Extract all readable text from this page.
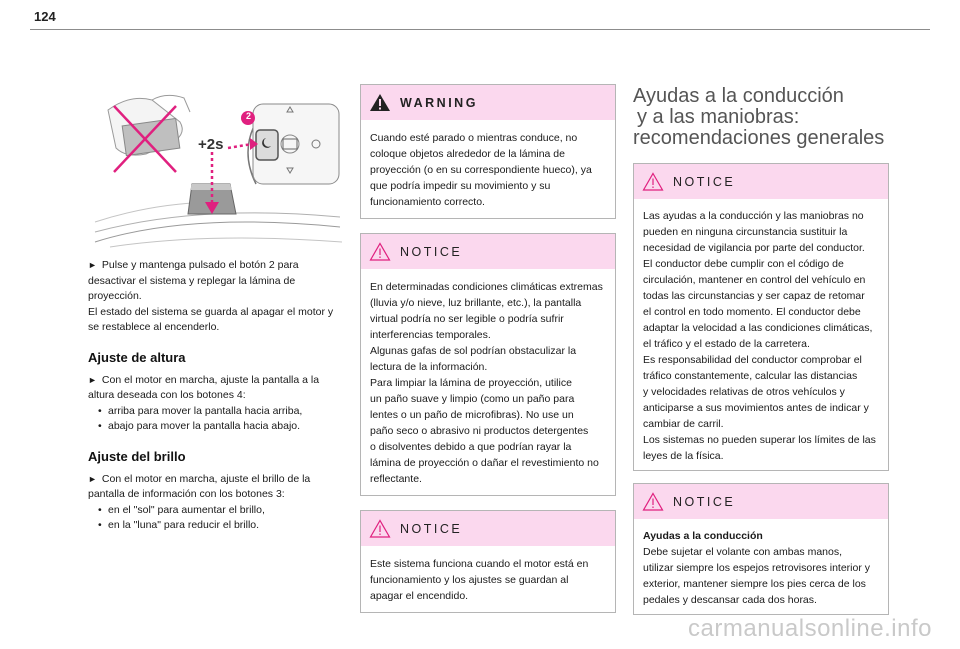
124
2
+2s

► Pulse y mantenga pulsado el botón 2 para

desactivar el sistema y replegar la lámina de

proyección.

El estado del sistema se guarda al apagar el motor y

se restablece al encenderlo.

Ajuste de altura

► Con el motor en marcha, ajuste la pantalla a la

altura deseada con los botones 4:

• arriba para mover la pantalla hacia arriba,
• abajo para mover la pantalla hacia abajo.
Ajuste del brillo

► Con el motor en marcha, ajuste el brillo de la

pantalla de información con los botones 3:

• en el "sol" para aumentar el brillo,
• en la "luna" para reducir el brillo.
WARNING

Cuando esté parado o mientras conduce, no

coloque objetos alrededor de la lámina de

proyección (o en su correspondiente hueco), ya

que podría impedir su movimiento y su

funcionamiento correcto.

NOTICE

En determinadas condiciones climáticas extremas

(lluvia y/o nieve, luz brillante, etc.), la pantalla

virtual podría no ser legible o podría sufrir

interferencias temporales.

Algunas gafas de sol podrían obstaculizar la

lectura de la información.

Para limpiar la lámina de proyección, utilice

un paño suave y limpio (como un paño para

lentes o un paño de microfibras). No use un

paño seco o abrasivo ni productos detergentes

o disolventes debido a que podrían rayar la

lámina de proyección o dañar el revestimiento no

reflectante.

NOTICE

Este sistema funciona cuando el motor está en

funcionamiento y los ajustes se guardan al

apagar el encendido.

Ayudas a la conducción
y a las maniobras:
recomendaciones generales
NOTICE

Las ayudas a la conducción y las maniobras no

pueden en ninguna circunstancia sustituir la

necesidad de vigilancia por parte del conductor.

El conductor debe cumplir con el código de

circulación, mantener en control del vehículo en

todas las circunstancias y ser capaz de retomar

el control en todo momento. El conductor debe

adaptar la velocidad a las condiciones climáticas,

el tráfico y el estado de la carretera.

Es responsabilidad del conductor comprobar el

tráfico constantemente, calcular las distancias

y velocidades relativas de otros vehículos y

anticiparse a sus movimientos antes de indicar y

cambiar de carril.

Los sistemas no pueden superar los límites de las

leyes de la física.

NOTICE

Ayudas a la conducción

Debe sujetar el volante con ambas manos,

utilizar siempre los espejos retrovisores interior y

exterior, mantener siempre los pies cerca de los

pedales y descansar cada dos horas.

carmanualsonline.info
